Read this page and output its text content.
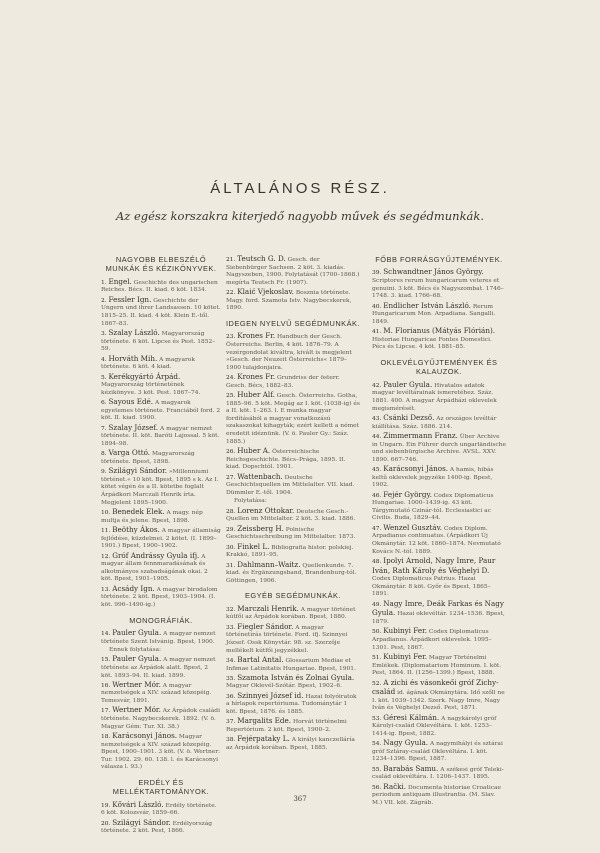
ÁLTALÁNOS RÉSZ.
Az egész korszakra kiterjedő nagyobb művek és segédmunkák.
NAGYOBB ELBESZÉLŐ MUNKÁK ÉS KÉZIKÖNYVEK.
1. Engel. Geschichte des ungarischen Reiches. Bécs. II. kiad. 6 köt. 1834.
2. Fessler Ign. Geschichte der Ungern und ihrer Landsassen. 10 kötet. 1815–25. II. kiad. 4 köt. Klein E.-től. 1867–83.
3. Szalay László. Magyarország története. 6 köt. Lipcse és Pest. 1852–59.
4. Horváth Mih. A magyarok története. 6 köt. 4 kiad.
5. Kerékgyártó Árpád. Magyarország történetének kézikönyve. 3 köt. Pest. 1867–74.
6. Sayous Edé. A magyarok egyetemes története. Franciából ford. 2 köt. II. kiad. 1900.
7. Szalay József. A magyar nemzet története. II. köt. Baróti Lajossal. 5 köt. 1894–98.
8. Varga Ottó. Magyarország története. Bpest, 1898.
9. Szilágyi Sándor. »Millenniumi történet.« 10 köt. Bpest, 1895 s k. Az I. kötet végén és a II. kötetbe foglalt Árpádkori Marczali Henrik írta. Megjelent 1895–1900.
10. Benedek Elek. A magy. nép multja és jelene. Bpest, 1898.
11. Beöthy Ákos. A magyar államiság fejlődése, küzdelmei. 2 kötet. (I. 1899–1901.) Bpest, 1900–1902.
12. Gróf Andrássy Gyula ifj. A magyar állam fennmaradásának és alkotmányos szabadságának okai. 2 köt. Bpest, 1901–1905.
13. Acsády Ign. A magyar birodalom története. 2 köt. Bpest, 1903–1904. (I. köt. 996–1490-ig.)
MONOGRÁFIÁK.
14. Pauler Gyula. A magyar nemzet története Szent Istvánig. Bpest, 1900.
Ennek folytatása:
15. Pauler Gyula. A magyar nemzet története az Árpádok alatt. Bpest, 2 köt. 1893–94. II. kiad. 1899.
16. Wertner Mór. A magyar nemzetségek a XIV. század közepéig. Temesvár, 1891.
17. Wertner Mór. Az Árpádok családi története. Nagybecskerek. 1892. (V. ö. Magyar Gém: Tur. XI. 38.)
18. Karácsonyi János. Magyar nemzetségek a XIV. század közepéig. Bpest, 1900–1901. 3 köt. (V. ö. Wertner: Tur. 1902. 29. 60. 138. l. és Karácsonyi válasza l. 93.)
ERDÉLY ÉS MELLÉKTARTOMÁNYOK.
19. Kővári László. Erdély története. 6 köt. Kolozsvár, 1859–66.
20. Szilágyi Sándor. Erdélyország története. 2 köt. Pest, 1866.
21. Teutsch G. D. Gesch. der Siebenbürger Sachsen. 2 köt. 3. kiadás. Nagyszeben, 1900. Folytatását (1700–1868.) megírta Teutsch Fr. (1907).
22. Klaić Vjekoslav. Bosznia története. Magy. ford. Szamota Istv. Nagybecskerek, 1890.
IDEGEN NYELVŰ SEGÉDMUNKÁK.
23. Krones Fr. Handbuch der Gesch. Österreichs. Berlin, 4 köt. 1876–79. A vezérgondolat kiváltra, kivált is megjelent »Gesch. der Neuzeit Österreichs« 1879–1900 tulajdonjaira.
24. Krones Fr. Grundriss der österr. Gesch. Bécs, 1882–83.
25. Huber Alf. Gesch. Österreichs. Gotha, 1885–96. 5 köt. Megág az I. köt. (1038-ig) és a II. köt. 1–263. l. E munka magyar fordításából a magyar vonatkozású szakaszokat kihagyták; ezért kellett a német eredetit idéznünk. (V. ö. Pauler Gy.: Száz. 1885.)
26. Huber A. Österreichische Reichsgeschichte. Bécs–Prága, 1895. II. kiad. Dopschtól. 1901.
27. Wattenbach. Deutsche Geschichtsquellen im Mittelalter. VII. kiad. Dümmler E.-től. 1904.
Folytatása:
28. Lorenz Ottokar. Deutsche Gesch.-Quellen im Mittelalter. 2 köt. 3. kiad. 1886.
29. Zeissberg H. Polnische Geschichtsschreibung im Mittelalter. 1873.
30. Finkel L. Bibliografia histor. polskiej. Krakkó, 1891–95.
31. Dahlmann–Waitz. Quellenkunde. 7. kiad. és Ergänzungsband, Brandenburg-tól. Göttingen, 1906.
EGYÉB SEGÉDMUNKÁK.
32. Marczali Henrik. A magyar történet kútfői az Árpádok korában. Bpest, 1880.
33. Fiegler Sándor. A magyar történetírás története. Ford. ifj. Szinnyei József. Ossk Könyvtár. 98. sz. Szerzője mellékelt kútfői jegyzékkel.
34. Bartal Antal. Glossarium Mediae et Infimae Latinitatis Hungariae. Bpest, 1901.
35. Szamota István és Zolnai Gyula. Magyar Oklevél-Szótár. Bpest, 1902–6.
36. Szinnyei József id. Hazai folyóiratok a hírlapok repertóriuma. Tudománytár 1 köt. Bpest, 1876. és 1885.
37. Margalits Ede. Horvát történelmi Repertórium. 2 köt. Bpest, 1900–2.
38. Fejérpataky L. A királyi kanczelláría az Árpádok korában. Bpest, 1885.
FŐBB FORRÁSGYŰJTEMÉNYEK.
39. Schwandtner János György. Scriptores rerum hungaricarum veteres et genuini. 3 köt. Bécs és Nagyszombat. 1746–1748. 3. kiad. 1766–68.
40. Endlicher István László. Rerum Hungaricarum Mon. Arpadiana. Sangalli. 1849.
41. M. Florianus (Mátyás Flórián). Historiae Hungaricae Fontes Domestici. Pécs és Lipcse. 4 köt. 1881–85.
OKLEVÉLGYŰJTEMÉNYEK ÉS KALAUZOK.
42. Pauler Gyula. Hivatalos adatok magyar levéltárainak ismeretéhez. Száz. 1881. 400. A magyar Árpádházi oklevelek megismérését.
43. Csánki Dezső. Az országos levéltár kiállítása. Száz. 1886. 214.
44. Zimmermann Franz. Über Archive in Ungarn. Ein Führer durch ungarländische und siebenbürgische Archive. AVSL. XXV. 1890. 667–746.
45. Karácsonyi János. A hamis, hibás keltű oklevelek jegyzéke 1400-ig. Bpest, 1902.
46. Fejér György. Codex Diplomaticus Hungariae. 1000–1439-ig. 43 köt. Tárgymutató Czinár-tól. Ecclesiastici ac Civilis. Buda, 1829–44.
47. Wenzel Gusztáv. Codex Diplom. Arpadianus continuatus. (Árpádkori Új Okmánytár. 12 köt. 1860–1874. Nevmutató Kovács N.-tól. 1889.
48. Ipolyi Arnold, Nagy Imre, Paur Iván, Rath Károly és Véghelyi D. Codex Diplomaticus Patrius. Hazai Okmánytár. 8 köt. Győr és Bpest, 1865–1891.
49. Nagy Imre, Deák Farkas és Nagy Gyula. Hazai oklevéltár. 1234–1536. Bpest, 1879.
50. Kubinyi Fer. Codex Diplomaticus Arpadianus. Árpádkori oklevelek. 1095–1301. Pest, 1867.
51. Kubinyi Fer. Magyar Történelmi Emlékek. (Diplomatarium Hominum. I. köt. Pest, 1864. II. (1256–1399.) Bpest, 1888.
52. A zichi és vásonkeői gróf Zichy-család id. ágának Okmánytára. Idő szőll ne I. köt. 1039–1342. Szerk. Nagy Imre, Nagy Iván és Véghelyi Dezső. Pest, 1871.
53. Géresi Kálmán. A nagykárolyi gróf Károlyi-család Oklevéltára. I. köt. 1253–1414-ig. Bpest, 1882.
54. Nagy Gyula. A nagymihályi és sztárai gróf Sztáray-család Oklevéltára. I. köt. 1234–1396. Bpest, 1887.
55. Barabás Samu. A székesi gróf Teleki-család oklevéltára. I. 1206–1437. 1895.
56. Rački. Documenta historiae Croaticae periodum antiquam illustrantia. (M. Slav. M.) VII. köt. Zágráb.
367
